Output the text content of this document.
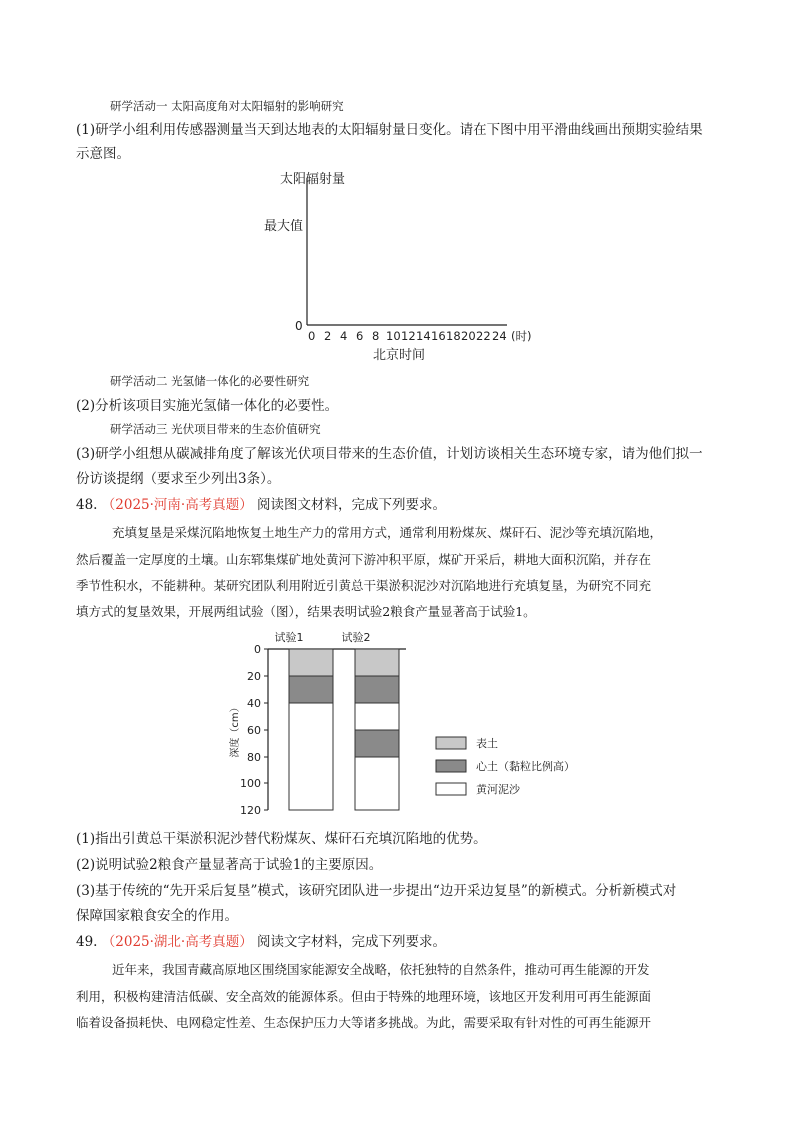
研学活动一 太阳高度角对太阳辐射的影响研究
(1)研学小组利用传感器测量当天到达地表的太阳辐射量日变化。请在下图中用平滑曲线画出预期实验结果
示意图。
太阳辐射量
最大值
0
0 2 4 6 8 10 12 14 16 18 20 22 24 (时)
北京时间
研学活动二 光氢储一体化的必要性研究
(2)分析该项目实施光氢储一体化的必要性。
研学活动三 光伏项目带来的生态价值研究
(3)研学小组想从碳减排角度了解该光伏项目带来的生态价值，计划访谈相关生态环境专家，请为他们拟一
份访谈提纲（要求至少列出3条）。
48. （2025·河南·高考真题） 阅读图文材料，完成下列要求。
充填复垦是采煤沉陷地恢复土地生产力的常用方式，通常利用粉煤灰、煤矸石、泥沙等充填沉陷地，
然后覆盖一定厚度的土壤。山东郓集煤矿地处黄河下游冲积平原，煤矿开采后，耕地大面积沉陷，并存在
季节性积水，不能耕种。某研究团队利用附近引黄总干渠淤积泥沙对沉陷地进行充填复垦，为研究不同充
填方式的复垦效果，开展两组试验（图），结果表明试验2粮食产量显著高于试验1。
试验1	试验2
0
20
40
60
80
100
120
深度（cm）	表土
心土（黏粒比例高）
黄河泥沙
(1)指出引黄总干渠淤积泥沙替代粉煤灰、煤矸石充填沉陷地的优势。
(2)说明试验2粮食产量显著高于试验1的主要原因。
(3)基于传统的“先开采后复垦”模式，该研究团队进一步提出“边开采边复垦”的新模式。分析新模式对
保障国家粮食安全的作用。
49. （2025·湖北·高考真题） 阅读文字材料，完成下列要求。
近年来，我国青藏高原地区围绕国家能源安全战略，依托独特的自然条件，推动可再生能源的开发
利用，积极构建清洁低碳、安全高效的能源体系。但由于特殊的地理环境，该地区开发利用可再生能源面
临着设备损耗快、电网稳定性差、生态保护压力大等诸多挑战。为此，需要采取有针对性的可再生能源开
